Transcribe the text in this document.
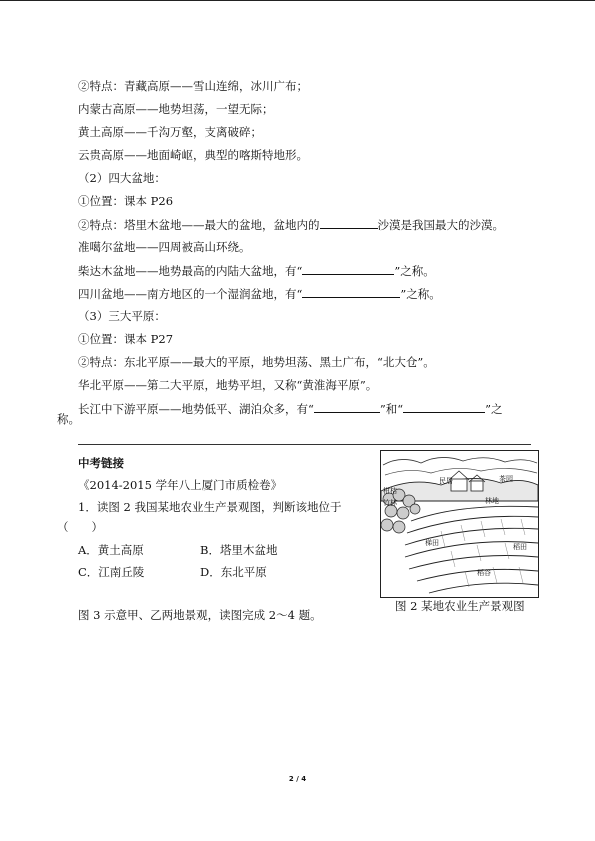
②特点：青藏高原——雪山连绵，冰川广布；
内蒙古高原——地势坦荡，一望无际；
黄土高原——千沟万壑，支离破碎；
云贵高原——地面崎岖，典型的喀斯特地形。
（2）四大盆地：
①位置：课本 P26
②特点：塔里木盆地——最大的盆地，盆地内的	沙漠是我国最大的沙漠。
准噶尔盆地——四周被高山环绕。
柴达木盆地——地势最高的内陆大盆地，有“	”之称。
四川盆地——南方地区的一个湿润盆地，有“	”之称。
（3）三大平原：
①位置：课本 P27
②特点：东北平原——最大的平原，地势坦荡、黑土广布，“北大仓”。
华北平原——第二大平原，地势平坦，又称“黄淮海平原”。
长江中下游平原——地势低平、湖泊众多，有“	”和“	”之
称。
中考链接
《2014-2015 学年八上厦门市质检卷》
1．读图 2 我国某地农业生产景观图，判断该地位于
（　　）
A．黄土高原	B．塔里木盆地
C．江南丘陵	D．东北平原
图 3 示意甲、乙两地景观，读图完成 2～4 题。
民居	茶园
竹林
柑桔
林地
梯田	稻田
稻谷
图 2 某地农业生产景观图
2 / 4
